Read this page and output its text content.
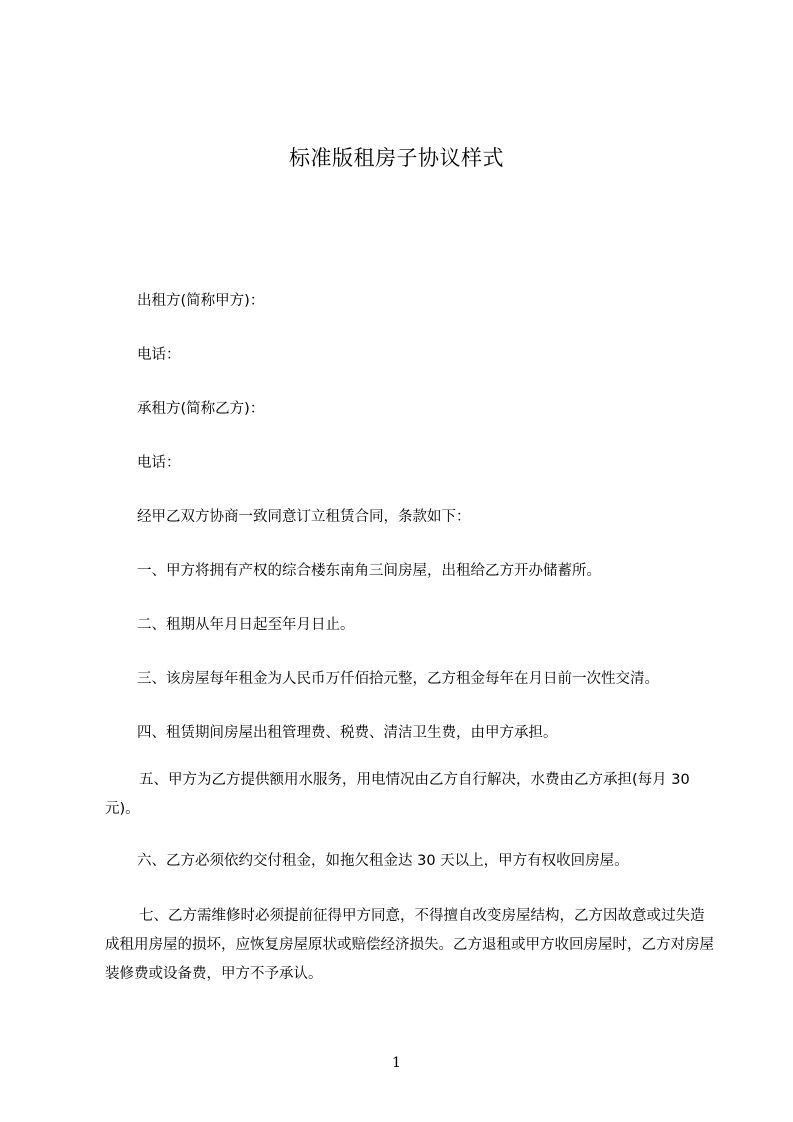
标准版租房子协议样式
出租方(简称甲方)：
电话：
承租方(简称乙方)：
电话：
经甲乙双方协商一致同意订立租赁合同，条款如下：
一、甲方将拥有产权的综合楼东南角三间房屋，出租给乙方开办储蓄所。
二、租期从年月日起至年月日止。
三、该房屋每年租金为人民币万仟佰拾元整，乙方租金每年在月日前一次性交清。
四、租赁期间房屋出租管理费、税费、清洁卫生费，由甲方承担。
五、甲方为乙方提供额用水服务，用电情况由乙方自行解决，水费由乙方承担(每月 30 元)。
六、乙方必须依约交付租金，如拖欠租金达 30 天以上，甲方有权收回房屋。
七、乙方需维修时必须提前征得甲方同意，不得擅自改变房屋结构，乙方因故意或过失造成租用房屋的损坏，应恢复房屋原状或赔偿经济损失。乙方退租或甲方收回房屋时，乙方对房屋装修费或设备费，甲方不予承认。
1
